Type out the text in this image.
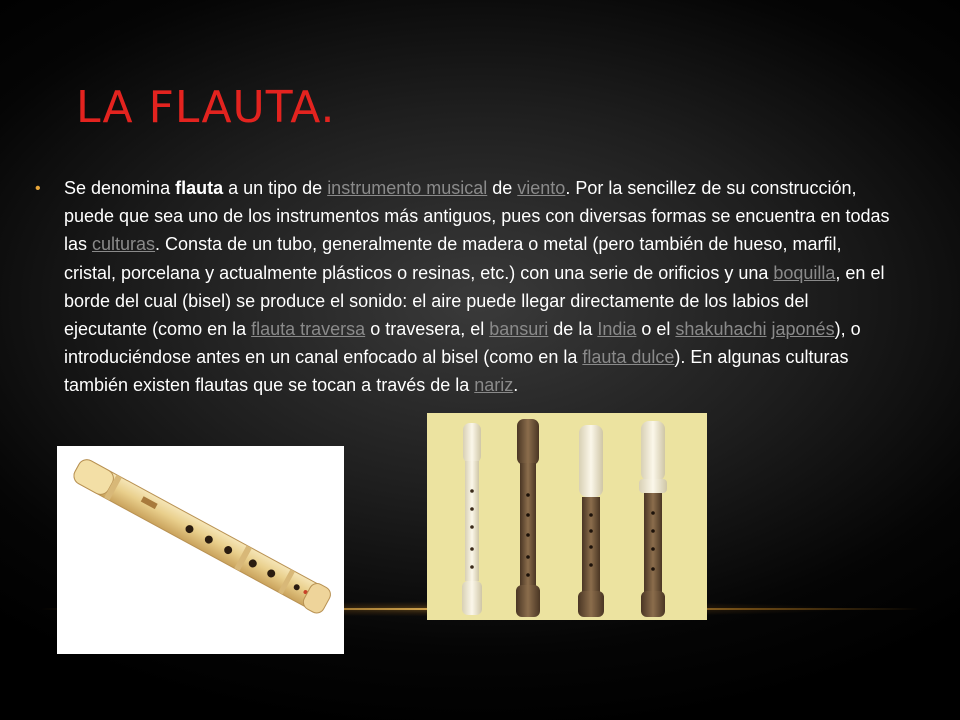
LA FLAUTA.
• Se denomina flauta a un tipo de instrumento musical de viento. Por la sencillez de su construcción, puede que sea uno de los instrumentos más antiguos, pues con diversas formas se encuentra en todas las culturas. Consta de un tubo, generalmente de madera o metal (pero también de hueso, marfil, cristal, porcelana y actualmente plásticos o resinas, etc.) con una serie de orificios y una boquilla, en el borde del cual (bisel) se produce el sonido: el aire puede llegar directamente de los labios del ejecutante (como en la flauta traversa o travesera, el bansuri de la India o el shakuhachi japonés), o introduciéndose antes en un canal enfocado al bisel (como en la flauta dulce). En algunas culturas también existen flautas que se tocan a través de la nariz.
